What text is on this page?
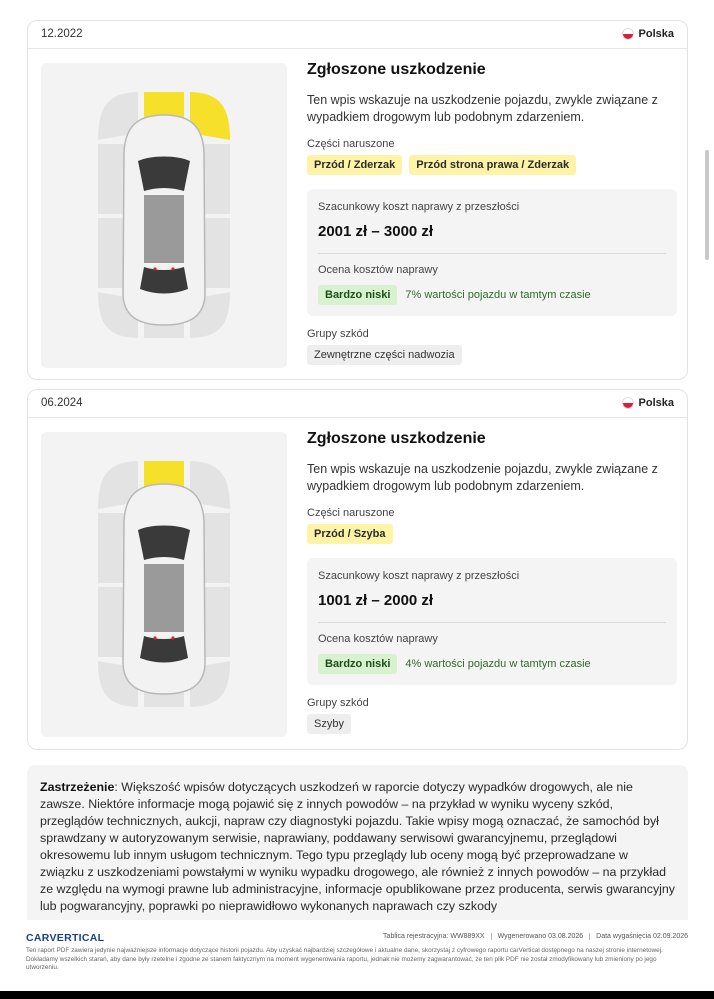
12.2022	Polska
Zgłoszone uszkodzenie
Ten wpis wskazuje na uszkodzenie pojazdu, zwykle związane z wypadkiem drogowym lub podobnym zdarzeniem.
Części naruszone
Przód / Zderzak	Przód strona prawa / Zderzak
Szacunkowy koszt naprawy z przeszłości
2001 zł – 3000 zł
Ocena kosztów naprawy
Bardzo niski	7% wartości pojazdu w tamtym czasie
Grupy szkód
Zewnętrzne części nadwozia
06.2024	Polska
Zgłoszone uszkodzenie
Ten wpis wskazuje na uszkodzenie pojazdu, zwykle związane z wypadkiem drogowym lub podobnym zdarzeniem.
Części naruszone
Przód / Szyba
Szacunkowy koszt naprawy z przeszłości
1001 zł – 2000 zł
Ocena kosztów naprawy
Bardzo niski	4% wartości pojazdu w tamtym czasie
Grupy szkód
Szyby

Zastrzeżenie: Większość wpisów dotyczących uszkodzeń w raporcie dotyczy wypadków drogowych, ale nie zawsze. Niektóre informacje mogą pojawić się z innych powodów – na przykład w wyniku wyceny szkód, przeglądów technicznych, aukcji, napraw czy diagnostyki pojazdu. Takie wpisy mogą oznaczać, że samochód był sprawdzany w autoryzowanym serwisie, naprawiany, poddawany serwisowi gwarancyjnemu, przeglądowi okresowemu lub innym usługom technicznym. Tego typu przeglądy lub oceny mogą być przeprowadzane w związku z uszkodzeniami powstałymi w wyniku wypadku drogowego, ale również z innych powodów – na przykład ze względu na wymogi prawne lub administracyjne, informacje opublikowane przez producenta, serwis gwarancyjny lub pogwarancyjny, poprawki po nieprawidłowo wykonanych naprawach czy szkody

CARVERTICAL	Tablica rejestracyjna: WW889XX	Wygenerowano 03.08.2026	Data wygaśnięcia 02.09.2026
Ten raport PDF zawiera jedynie najważniejsze informacje dotyczące historii pojazdu. Aby uzyskać najbardziej szczegółowe i aktualne dane, skorzystaj z cyfrowego raportu carVertical dostępnego na naszej stronie internetowej. Dokładamy wszelkich starań, aby dane były rzetelne i zgodne ze stanem faktycznym na moment wygenerowania raportu, jednak nie możemy zagwarantować, że ten plik PDF nie został zmodyfikowany lub zmieniony po jego utworzeniu.
